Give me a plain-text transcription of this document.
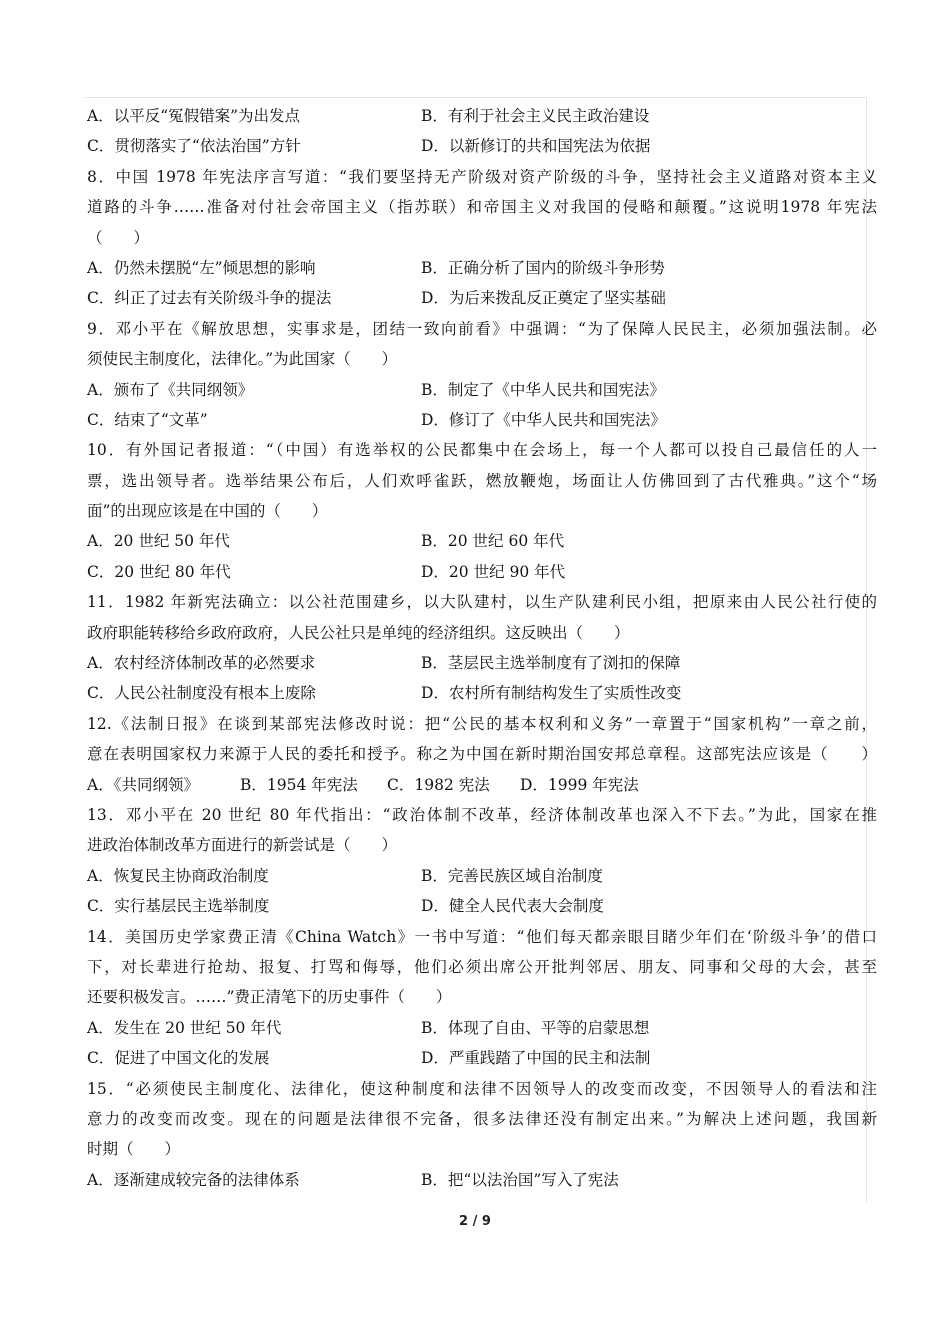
A．以平反“冤假错案”为出发点	B．有利于社会主义民主政治建设
C．贯彻落实了“依法治国”方针	D．以新修订的共和国宪法为依据
8．中国 1978 年宪法序言写道：“我们要坚持无产阶级对资产阶级的斗争，坚持社会主义道路对资本主义
道路的斗争……准备对付社会帝国主义（指苏联）和帝国主义对我国的侵略和颠覆。”这说明1978 年宪法
（　　）
A．仍然未摆脱“左”倾思想的影响	B．正确分析了国内的阶级斗争形势
C．纠正了过去有关阶级斗争的提法	D．为后来拨乱反正奠定了坚实基础
9．邓小平在《解放思想，实事求是，团结一致向前看》中强调：“为了保障人民民主，必须加强法制。必
须使民主制度化，法律化。”为此国家（　　）
A．颁布了《共同纲领》	B．制定了《中华人民共和国宪法》
C．结束了“文革”	D．修订了《中华人民共和国宪法》
10．有外国记者报道：“（中国）有选举权的公民都集中在会场上，每一个人都可以投自己最信任的人一
票，选出领导者。选举结果公布后，人们欢呼雀跃，燃放鞭炮，场面让人仿佛回到了古代雅典。”这个“场
面”的出现应该是在中国的（　　）
A．20 世纪 50 年代	B．20 世纪 60 年代
C．20 世纪 80 年代	D．20 世纪 90 年代
11．1982 年新宪法确立：以公社范围建乡，以大队建村，以生产队建利民小组，把原来由人民公社行使的
政府职能转移给乡政府政府，人民公社只是单纯的经济组织。这反映出（　　）
A．农村经济体制改革的必然要求	B．茎层民主选举制度有了浏扣的保障
C．人民公社制度没有根本上废除	D．农村所有制结构发生了实质性改变
12.《法制日报》在谈到某部宪法修改时说：把“公民的基本权利和义务”一章置于“国家机构”一章之前，
意在表明国家权力来源于人民的委托和授予。称之为中国在新时期治国安邦总章程。这部宪法应该是（　　）
A．《共同纲领》	B．1954 年宪法 C．1982 宪法 D．1999 年宪法
13．邓小平在 20 世纪 80 年代指出：“政治体制不改革，经济体制改革也深入不下去。”为此，国家在推
进政治体制改革方面进行的新尝试是（　　）
A．恢复民主协商政治制度	B．完善民族区域自治制度
C．实行基层民主选举制度	D．健全人民代表大会制度
14．美国历史学家费正清《China Watch》一书中写道：“他们每天都亲眼目睹少年们在‘阶级斗争’的借口
下，对长辈进行抢劫、报复、打骂和侮辱，他们必须出席公开批判邻居、朋友、同事和父母的大会，甚至
还要积极发言。……”费正清笔下的历史事件（　　）
A．发生在 20 世纪 50 年代	B．体现了自由、平等的启蒙思想
C．促进了中国文化的发展	D．严重践踏了中国的民主和法制
15．“必须使民主制度化、法律化，使这种制度和法律不因领导人的改变而改变，不因领导人的看法和注
意力的改变而改变。现在的问题是法律很不完备，很多法律还没有制定出来。”为解决上述问题，我国新
时期（　　）
A．逐渐建成较完备的法律体系	B．把“以法治国”写入了宪法
2 / 9
